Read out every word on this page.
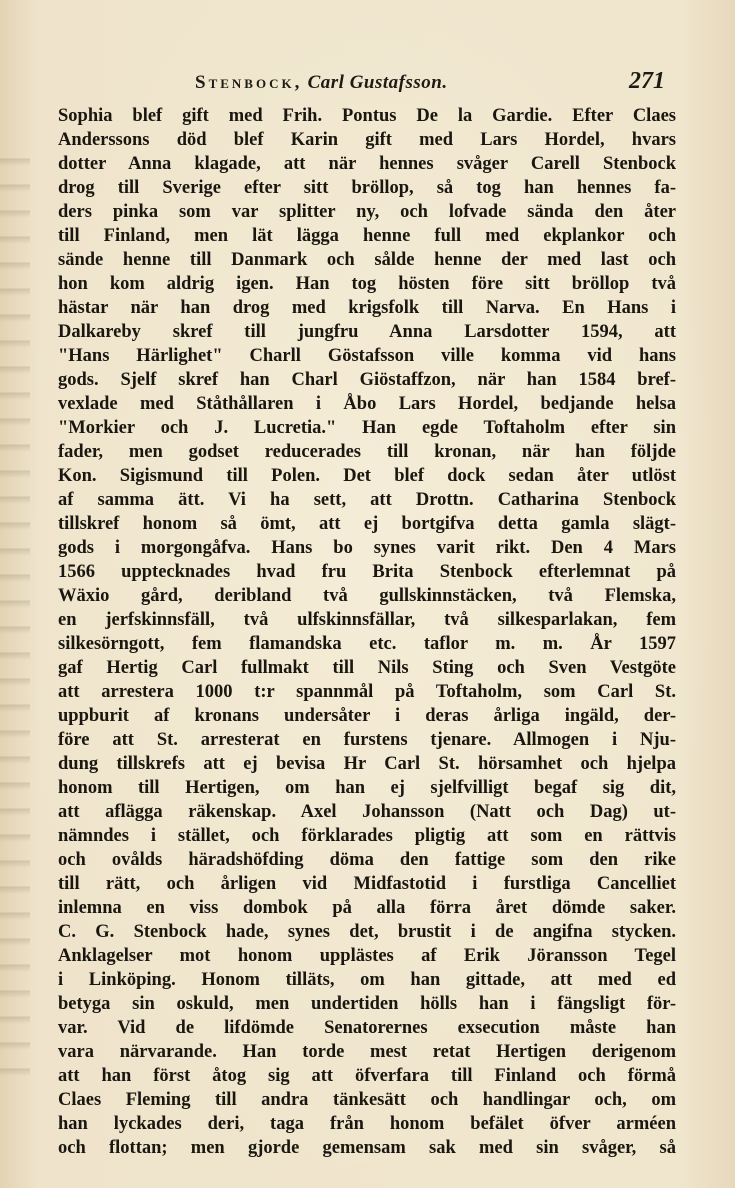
Stenbock, Carl Gustafsson.	271
Sophia blef gift med Frih. Pontus De la Gardie. Efter Claes
Anderssons död blef Karin gift med Lars Hordel, hvars
dotter Anna klagade, att när hennes svåger Carell Stenbock
drog till Sverige efter sitt bröllop, så tog han hennes fa-
ders pinka som var splitter ny, och lofvade sända den åter
till Finland, men lät lägga henne full med ekplankor och
sände henne till Danmark och sålde henne der med last och
hon kom aldrig igen. Han tog hösten före sitt bröllop två
hästar när han drog med krigsfolk till Narva. En Hans i
Dalkareby skref till jungfru Anna Larsdotter 1594, att
"Hans Härlighet" Charll Göstafsson ville komma vid hans
gods. Sjelf skref han Charl Giöstaffzon, när han 1584 bref-
vexlade med Ståthållaren i Åbo Lars Hordel, bedjande helsa
"Morkier och J. Lucretia." Han egde Toftaholm efter sin
fader, men godset reducerades till kronan, när han följde
Kon. Sigismund till Polen. Det blef dock sedan åter utlöst
af samma ätt. Vi ha sett, att Drottn. Catharina Stenbock
tillskref honom så ömt, att ej bortgifva detta gamla slägt-
gods i morgongåfva. Hans bo synes varit rikt. Den 4 Mars
1566 upptecknades hvad fru Brita Stenbock efterlemnat på
Wäxio gård, deribland två gullskinnstäcken, två Flemska,
en jerfskinnsfäll, två ulfskinnsfällar, två silkesparlakan, fem
silkesörngott, fem flamandska etc. taflor m. m. År 1597
gaf Hertig Carl fullmakt till Nils Sting och Sven Vestgöte
att arrestera 1000 t:r spannmål på Toftaholm, som Carl St.
uppburit af kronans undersåter i deras årliga ingäld, der-
före att St. arresterat en furstens tjenare. Allmogen i Nju-
dung tillskrefs att ej bevisa Hr Carl St. hörsamhet och hjelpa
honom till Hertigen, om han ej sjelfvilligt begaf sig dit,
att aflägga räkenskap. Axel Johansson (Natt och Dag) ut-
nämndes i stället, och förklarades pligtig att som en rättvis
och ovålds häradshöfding döma den fattige som den rike
till rätt, och årligen vid Midfastotid i furstliga Cancelliet
inlemna en viss dombok på alla förra året dömde saker.
C. G. Stenbock hade, synes det, brustit i de angifna stycken.
Anklagelser mot honom upplästes af Erik Jöransson Tegel
i Linköping. Honom tilläts, om han gittade, att med ed
betyga sin oskuld, men undertiden hölls han i fängsligt för-
var. Vid de lifdömde Senatorernes exsecution måste han
vara närvarande. Han torde mest retat Hertigen derigenom
att han först åtog sig att öfverfara till Finland och förmå
Claes Fleming till andra tänkesätt och handlingar och, om
han lyckades deri, taga från honom befälet öfver arméen
och flottan; men gjorde gemensam sak med sin svåger, så
